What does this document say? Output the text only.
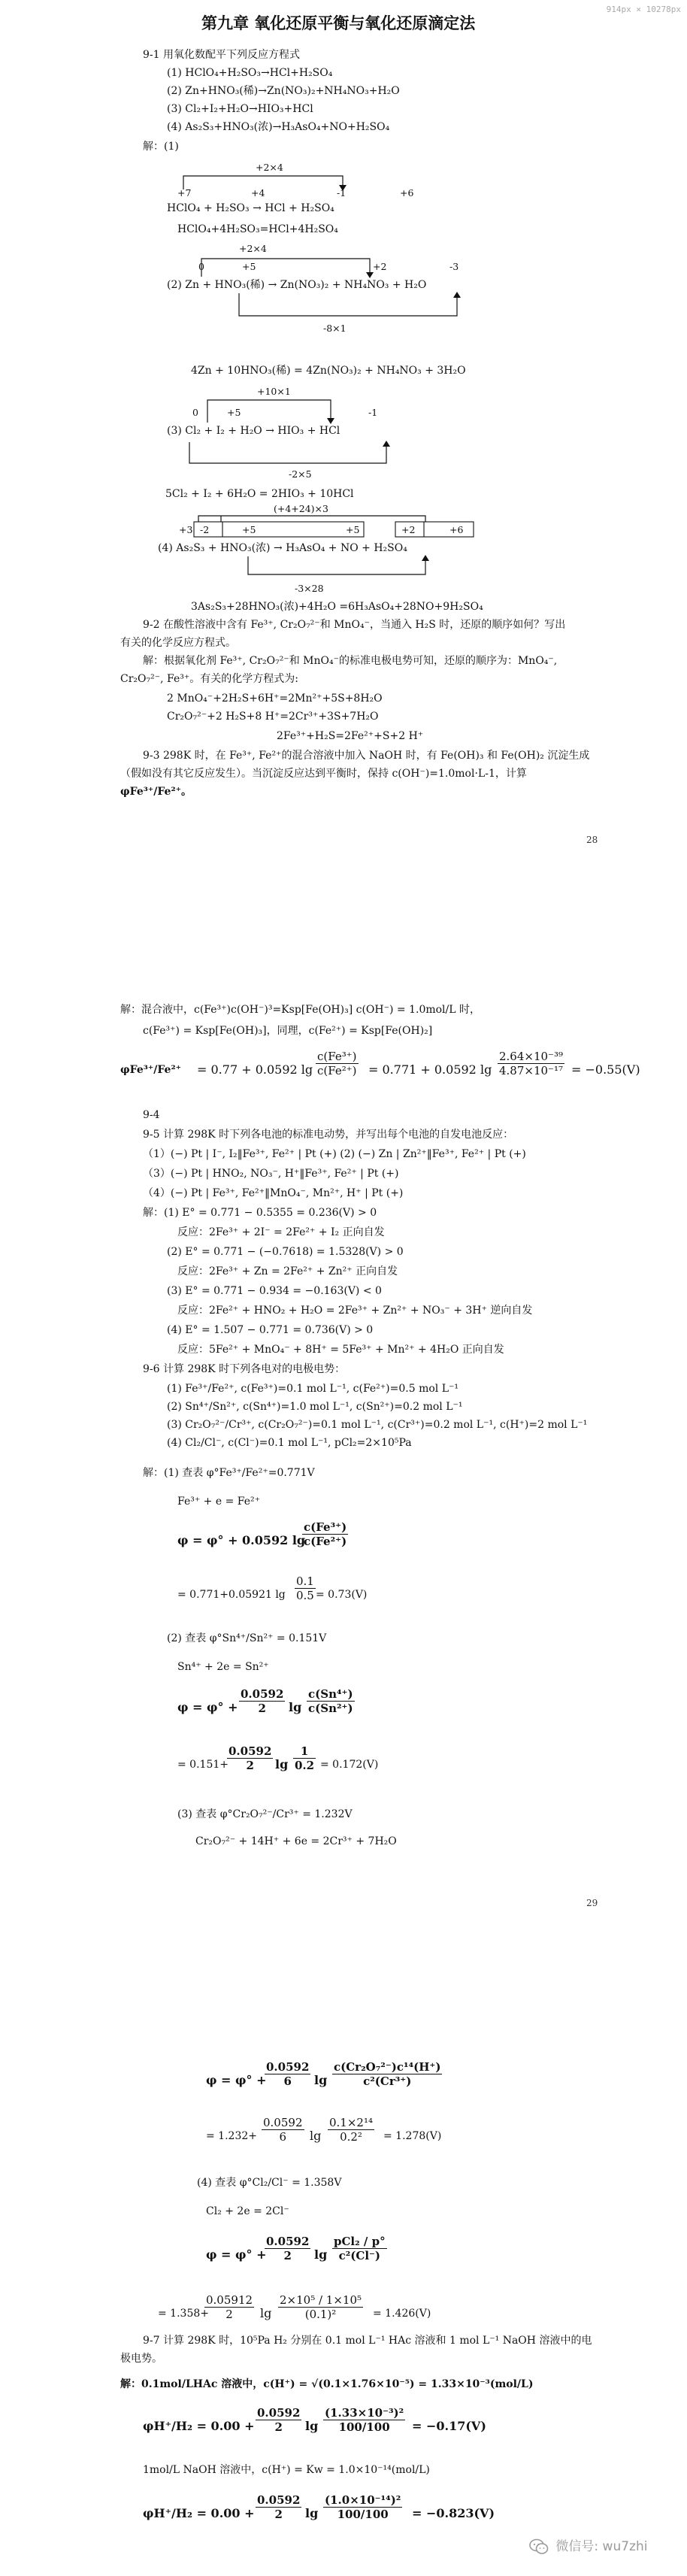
914px × 10278px
第九章 氧化还原平衡与氧化还原滴定法
9-1 用氧化数配平下列反应方程式
(1) HClO₄+H₂SO₃→HCl+H₂SO₄
(2) Zn+HNO₃(稀)→Zn(NO₃)₂+NH₄NO₃+H₂O
(3) Cl₂+I₂+H₂O→HIO₃+HCl
(4) As₂S₃+HNO₃(浓)→H₃AsO₄+NO+H₂SO₄
解：(1)
+2×4
+7	+4	-1	+6
HClO₄ + H₂SO₃ → HCl + H₂SO₄
HClO₄+4H₂SO₃=HCl+4H₂SO₄
+2×4
0	+5	+2	-3
(2) Zn + HNO₃(稀) → Zn(NO₃)₂ + NH₄NO₃ + H₂O
-8×1
4Zn + 10HNO₃(稀) = 4Zn(NO₃)₂ + NH₄NO₃ + 3H₂O
+10×1
0	+5	-1
(3) Cl₂ + I₂ + H₂O → HIO₃ + HCl
-2×5
5Cl₂ + I₂ + 6H₂O = 2HIO₃ + 10HCl
(+4+24)×3
+3 -2	+5	+5	+2	+6
(4) As₂S₃ + HNO₃(浓) → H₃AsO₄ + NO + H₂SO₄
-3×28
3As₂S₃+28HNO₃(浓)+4H₂O =6H₃AsO₄+28NO+9H₂SO₄
9-2 在酸性溶液中含有 Fe³⁺, Cr₂O₇²⁻和 MnO₄⁻，当通入 H₂S 时，还原的顺序如何？写出
有关的化学反应方程式。
解：根据氧化剂 Fe³⁺, Cr₂O₇²⁻和 MnO₄⁻的标准电极电势可知，还原的顺序为：MnO₄⁻,
Cr₂O₇²⁻, Fe³⁺。有关的化学方程式为:
2 MnO₄⁻+2H₂S+6H⁺=2Mn²⁺+5S+8H₂O
Cr₂O₇²⁻+2 H₂S+8 H⁺=2Cr³⁺+3S+7H₂O
2Fe³⁺+H₂S=2Fe²⁺+S+2 H⁺
9-3 298K 时，在 Fe³⁺, Fe²⁺的混合溶液中加入 NaOH 时，有 Fe(OH)₃ 和 Fe(OH)₂ 沉淀生成
（假如没有其它反应发生）。当沉淀反应达到平衡时，保持 c(OH⁻)=1.0mol·L-1，计算
φFe³⁺/Fe²⁺。
28
解：混合液中，c(Fe³⁺)c(OH⁻)³=Ksp[Fe(OH)₃] c(OH⁻) = 1.0mol/L 时，
c(Fe³⁺) = Ksp[Fe(OH)₃]，同理，c(Fe²⁺) = Ksp[Fe(OH)₂]
φFe³⁺/Fe²⁺ = 0.77 + 0.0592 $\lg \frac{\text{c(Fe³⁺)}}{\text{c(Fe²⁺)}} = 0.771 + 0.0592$ $\lg \frac{\text{2.64×10⁻³⁹}}{\text{4.87×10⁻¹⁷}} = -0.55(V)$
9-4
9-5 计算 298K 时下列各电池的标准电动势，并写出每个电池的自发电池反应：
（1）(−) Pt | I⁻, I₂‖Fe³⁺, Fe²⁺ | Pt (+) (2) (−) Zn | Zn²⁺‖Fe³⁺, Fe²⁺ | Pt (+)
（3）(−) Pt | HNO₂, NO₃⁻, H⁺‖Fe³⁺, Fe²⁺ | Pt (+)
（4）(−) Pt | Fe³⁺, Fe²⁺‖MnO₄⁻, Mn²⁺, H⁺ | Pt (+)
解：(1) E° = 0.771 − 0.5355 = 0.236(V) > 0
反应：2Fe³⁺ + 2I⁻ = 2Fe²⁺ + I₂ 正向自发
(2) E° = 0.771 − (−0.7618) = 1.5328(V) > 0
反应：2Fe³⁺ + Zn = 2Fe²⁺ + Zn²⁺ 正向自发
(3) E° = 0.771 − 0.934 = −0.163(V) < 0
反应：2Fe²⁺ + HNO₂ + H₂O = 2Fe³⁺ + Zn²⁺ + NO₃⁻ + 3H⁺ 逆向自发
(4) E° = 1.507 − 0.771 = 0.736(V) > 0
反应：5Fe²⁺ + MnO₄⁻ + 8H⁺ = 5Fe³⁺ + Mn²⁺ + 4H₂O 正向自发
9-6 计算 298K 时下列各电对的电极电势：
(1) Fe³⁺/Fe²⁺, c(Fe³⁺)=0.1 mol L⁻¹, c(Fe²⁺)=0.5 mol L⁻¹
(2) Sn⁴⁺/Sn²⁺, c(Sn⁴⁺)=1.0 mol L⁻¹, c(Sn²⁺)=0.2 mol L⁻¹
(3) Cr₂O₇²⁻/Cr³⁺, c(Cr₂O₇²⁻)=0.1 mol L⁻¹, c(Cr³⁺)=0.2 mol L⁻¹, c(H⁺)=2 mol L⁻¹
(4) Cl₂/Cl⁻, c(Cl⁻)=0.1 mol L⁻¹, pCl₂=2×10⁵Pa
解：(1) 查表 φ°Fe³⁺/Fe²⁺=0.771V
Fe³⁺ + e = Fe²⁺
φ = φ° + 0.0592 lg
$\frac{\text{c(Fe³⁺)}}{\text{c(Fe²⁺)}}$
= 0.771+0.05921 $\lg \frac{0.1}{0.5} = 0.73(V)$
(2) 查表 φ°Sn⁴⁺/Sn²⁺ = 0.151V
Sn⁴⁺ + 2e = Sn²⁺
$\varphi = \varphi^\circ + \frac{0.0592}{2}$ $\lg \frac{\text{c(Sn⁴⁺)}}{\text{c(Sn²⁺)}}$
= 0.151+
$\frac{0.0592}{2}$ $\lg \frac{1}{0.2} = 0.172(V)$
(3) 查表 φ°Cr₂O₇²⁻/Cr³⁺ = 1.232V
Cr₂O₇²⁻ + 14H⁺ + 6e = 2Cr³⁺ + 7H₂O
29
φ = φ° +
$\frac{0.0592}{6}$ $\lg \frac{\text{c(Cr₂O₇²⁻)c¹⁴(H⁺)}}{\text{c²(Cr³⁺)}}$
= $1.232+ \frac{0.0592}{6}$ $\lg \frac{\text{0.1×2¹⁴}}{\text{0.2²}} = 1.278(V)$
(4) 查表 φ°Cl₂/Cl⁻ = 1.358V
Cl₂ + 2e = 2Cl⁻
φ = φ° +
$\frac{0.0592}{2}$ lg
pCl₂ / p°
c²(Cl⁻)
= 1.358+
$\frac{0.05912}{2}$ $\lg \frac{\text{2×10⁵ / 1×10⁵}}{\text{(0.1)²}} = 1.426(V)$
9-7 计算 298K 时，10⁵Pa H₂ 分别在 0.1 mol L⁻¹ HAc 溶液和 1 mol L⁻¹ NaOH 溶液中的电
极电势。
解：0.1mol/LHAc 溶液中，c(H⁺) = √(0.1×1.76×10⁻⁵) = 1.33×10⁻³(mol/L)
$\varphi H^+/H_2 = 0.00 + \frac{0.0592}{2}$ $\lg \frac{\text{(1.33×10⁻³)²}}{100/100} = -0.17(V)$
1mol/L NaOH 溶液中，c(H⁺) = Kw = 1.0×10⁻¹⁴(mol/L)
$\varphi H^+/H_2 = 0.00 + \frac{0.0592}{2}$ $\lg \frac{\text{(1.0×10⁻¹⁴)²}}{100/100} = -0.823(V)$
微信号: wu7zhi
